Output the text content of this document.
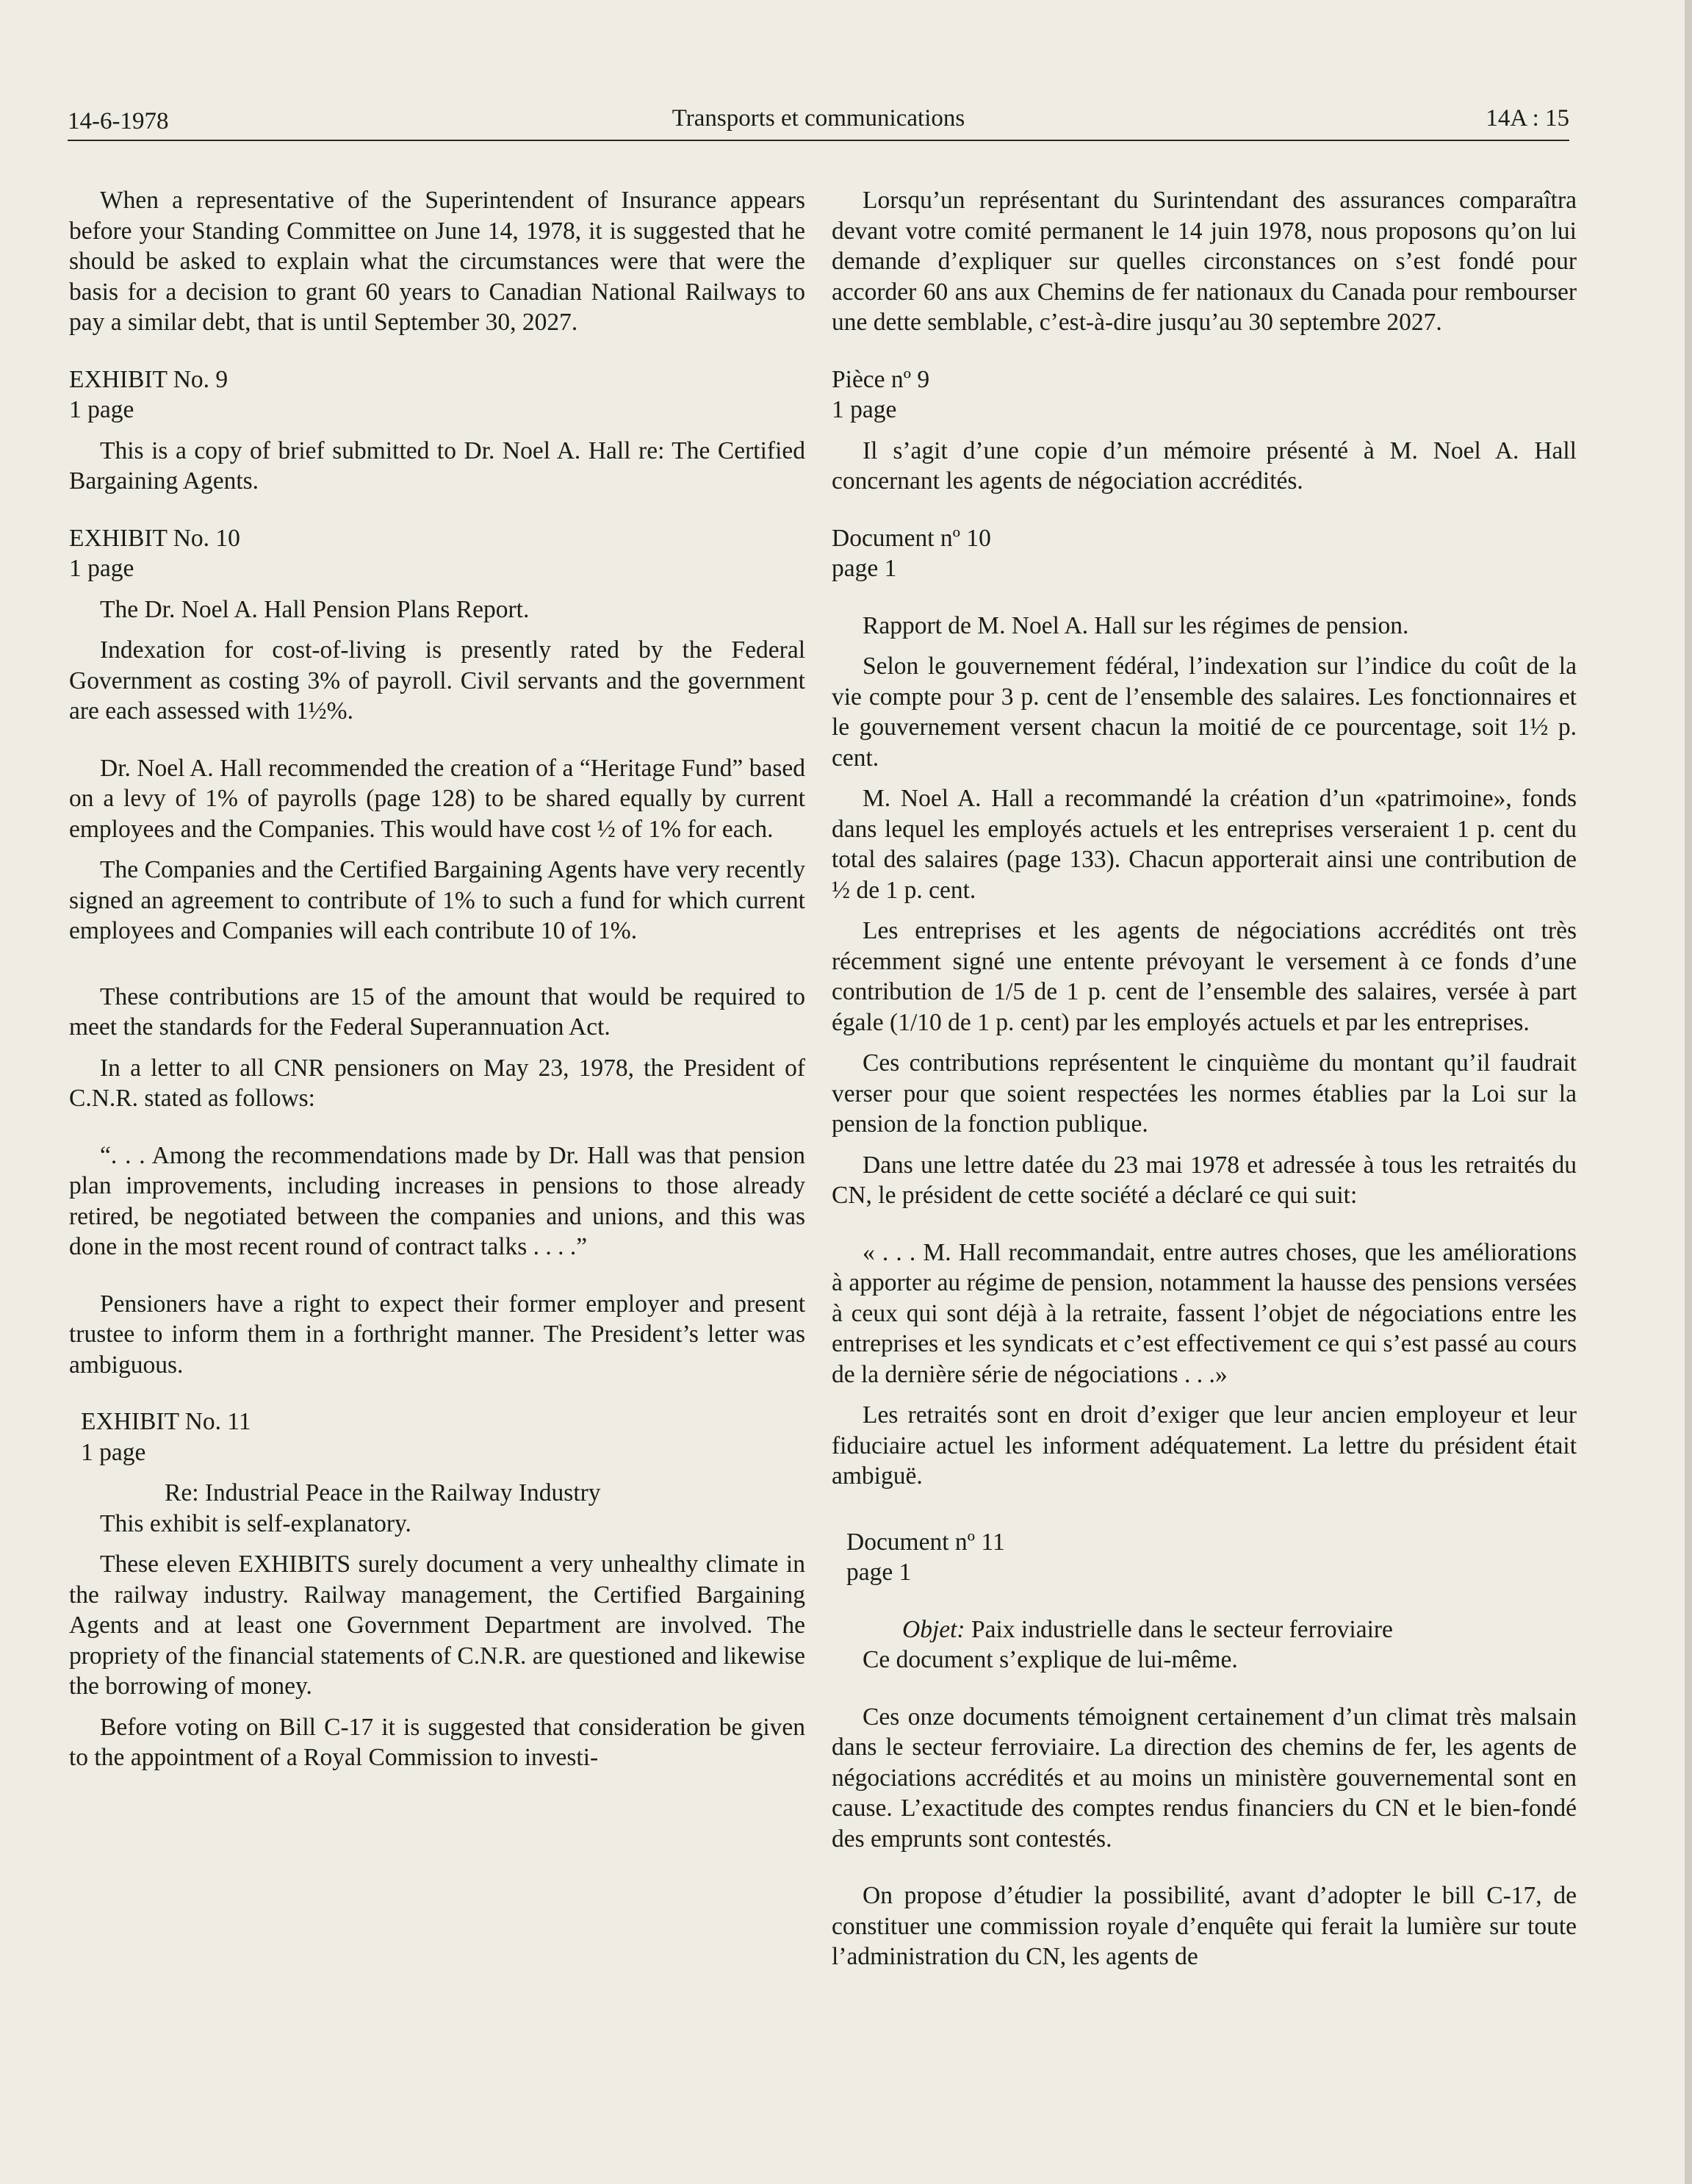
14-6-1978	Transports et communications	14A : 15

When a representative of the Superintendent of Insurance appears before your Standing Committee on June 14, 1978, it is suggested that he should be asked to explain what the circumstances were that were the basis for a decision to grant 60 years to Canadian National Railways to pay a similar debt, that is until September 30, 2027.

EXHIBIT No. 9

1 page

This is a copy of brief submitted to Dr. Noel A. Hall re: The Certified Bargaining Agents.

EXHIBIT No. 10

1 page

The Dr. Noel A. Hall Pension Plans Report.

Indexation for cost-of-living is presently rated by the Federal Government as costing 3% of payroll. Civil servants and the government are each assessed with 1½%.

Dr. Noel A. Hall recommended the creation of a “Heritage Fund” based on a levy of 1% of payrolls (page 128) to be shared equally by current employees and the Companies. This would have cost ½ of 1% for each.

The Companies and the Certified Bargaining Agents have very recently signed an agreement to contribute of 1% to such a fund for which current employees and Companies will each contribute 10 of 1%.

These contributions are 15 of the amount that would be required to meet the standards for the Federal Superannuation Act.

In a letter to all CNR pensioners on May 23, 1978, the President of C.N.R. stated as follows:

“. . . Among the recommendations made by Dr. Hall was that pension plan improvements, including increases in pensions to those already retired, be negotiated between the companies and unions, and this was done in the most recent round of contract talks . . . .”

Pensioners have a right to expect their former employer and present trustee to inform them in a forthright manner. The President’s letter was ambiguous.

EXHIBIT No. 11

1 page

Re: Industrial Peace in the Railway Industry

This exhibit is self-explanatory.

These eleven EXHIBITS surely document a very unhealthy climate in the railway industry. Railway management, the Certified Bargaining Agents and at least one Government Department are involved. The propriety of the financial statements of C.N.R. are questioned and likewise the borrowing of money.

Before voting on Bill C-17 it is suggested that consideration be given to the appointment of a Royal Commission to investi-

Lorsqu’un représentant du Surintendant des assurances comparaîtra devant votre comité permanent le 14 juin 1978, nous proposons qu’on lui demande d’expliquer sur quelles circonstances on s’est fondé pour accorder 60 ans aux Chemins de fer nationaux du Canada pour rembourser une dette semblable, c’est-à-dire jusqu’au 30 septembre 2027.

Pièce nº 9

1 page

Il s’agit d’une copie d’un mémoire présenté à M. Noel A. Hall concernant les agents de négociation accrédités.

Document nº 10

page 1

Rapport de M. Noel A. Hall sur les régimes de pension.

Selon le gouvernement fédéral, l’indexation sur l’indice du coût de la vie compte pour 3 p. cent de l’ensemble des salaires. Les fonctionnaires et le gouvernement versent chacun la moitié de ce pourcentage, soit 1½ p. cent.

M. Noel A. Hall a recommandé la création d’un «patrimoine», fonds dans lequel les employés actuels et les entreprises verseraient 1 p. cent du total des salaires (page 133). Chacun apporterait ainsi une contribution de ½ de 1 p. cent.

Les entreprises et les agents de négociations accrédités ont très récemment signé une entente prévoyant le versement à ce fonds d’une contribution de 1/5 de 1 p. cent de l’ensemble des salaires, versée à part égale (1/10 de 1 p. cent) par les employés actuels et par les entreprises.

Ces contributions représentent le cinquième du montant qu’il faudrait verser pour que soient respectées les normes établies par la Loi sur la pension de la fonction publique.

Dans une lettre datée du 23 mai 1978 et adressée à tous les retraités du CN, le président de cette société a déclaré ce qui suit:

« . . . M. Hall recommandait, entre autres choses, que les améliorations à apporter au régime de pension, notamment la hausse des pensions versées à ceux qui sont déjà à la retraite, fassent l’objet de négociations entre les entreprises et les syndicats et c’est effectivement ce qui s’est passé au cours de la dernière série de négociations . . .»

Les retraités sont en droit d’exiger que leur ancien employeur et leur fiduciaire actuel les informent adéquatement. La lettre du président était ambiguë.

Document nº 11

page 1

Objet: Paix industrielle dans le secteur ferroviaire

Ce document s’explique de lui-même.

Ces onze documents témoignent certainement d’un climat très malsain dans le secteur ferroviaire. La direction des chemins de fer, les agents de négociations accrédités et au moins un ministère gouvernemental sont en cause. L’exactitude des comptes rendus financiers du CN et le bien-fondé des emprunts sont contestés.

On propose d’étudier la possibilité, avant d’adopter le bill C-17, de constituer une commission royale d’enquête qui ferait la lumière sur toute l’administration du CN, les agents de
